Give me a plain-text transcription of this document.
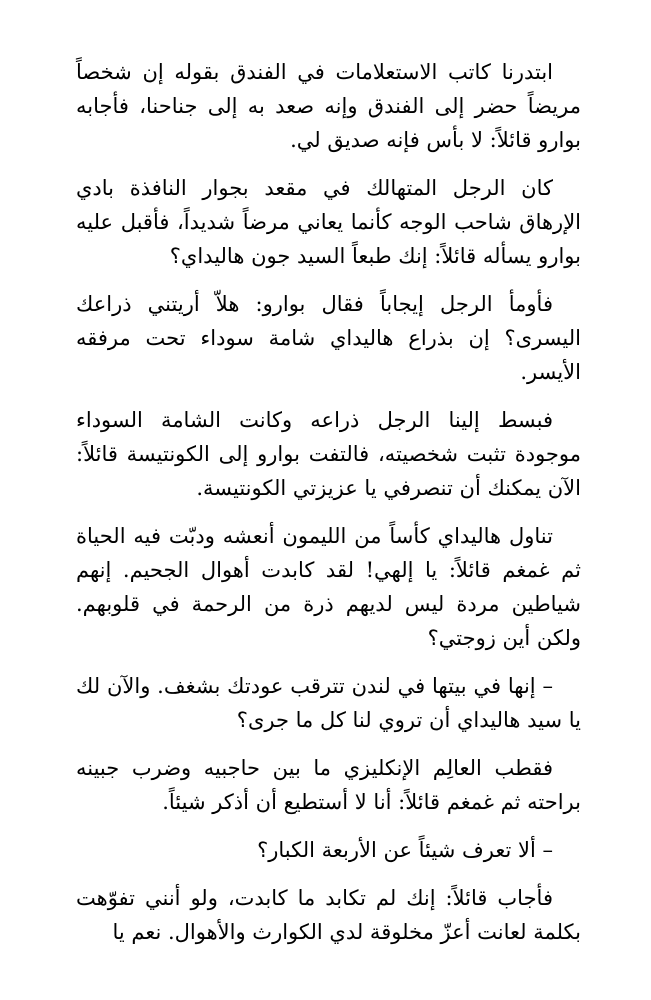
ابتدرنا كاتب الاستعلامات في الفندق بقوله إن شخصاً مريضاً حضر إلى الفندق وإنه صعد به إلى جناحنا، فأجابه بوارو قائلاً: لا بأس فإنه صديق لي.

كان الرجل المتهالك في مقعد بجوار النافذة بادي الإرهاق شاحب الوجه كأنما يعاني مرضاً شديداً، فأقبل عليه بوارو يسأله قائلاً: إنك طبعاً السيد جون هاليداي؟

فأومأ الرجل إيجاباً فقال بوارو: هلاّ أريتني ذراعك اليسرى؟ إن بذراع هاليداي شامة سوداء تحت مرفقه الأيسر.

فبسط إلينا الرجل ذراعه وكانت الشامة السوداء موجودة تثبت شخصيته، فالتفت بوارو إلى الكونتيسة قائلاً: الآن يمكنك أن تنصرفي يا عزيزتي الكونتيسة.

تناول هاليداي كأساً من الليمون أنعشه ودبّت فيه الحياة ثم غمغم قائلاً: يا إلهي! لقد كابدت أهوال الجحيم. إنهم شياطين مردة ليس لديهم ذرة من الرحمة في قلوبهم. ولكن أين زوجتي؟

– إنها في بيتها في لندن تترقب عودتك بشغف. والآن لك يا سيد هاليداي أن تروي لنا كل ما جرى؟

فقطب العالِم الإنكليزي ما بين حاجبيه وضرب جبينه براحته ثم غمغم قائلاً: أنا لا أستطيع أن أذكر شيئاً.

– ألا تعرف شيئاً عن الأربعة الكبار؟

فأجاب قائلاً: إنك لم تكابد ما كابدت، ولو أنني تفوّهت بكلمة لعانت أعزّ مخلوقة لدي الكوارث والأهوال. نعم يا
